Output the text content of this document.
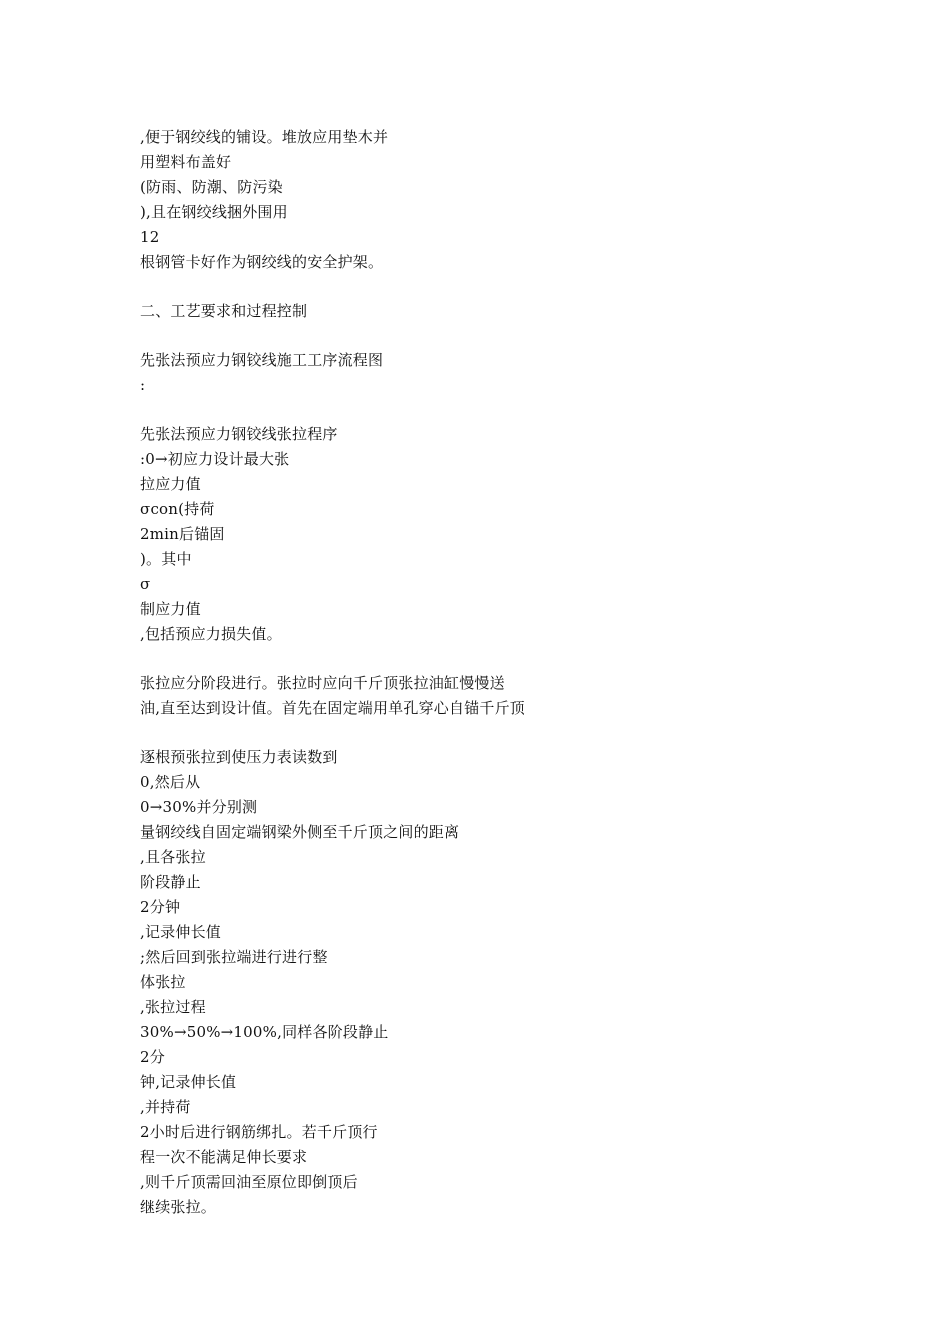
,便于钢绞线的铺设。堆放应用垫木并
用塑料布盖好
(防雨、防潮、防污染
),且在钢绞线捆外围用
12
根钢管卡好作为钢绞线的安全护架。
二、工艺要求和过程控制
先张法预应力钢铰线施工工序流程图
:
先张法预应力钢铰线张拉程序
:0→初应力设计最大张
拉应力值
σcon(持荷
2min后锚固
)。其中
σ
制应力值
,包括预应力损失值。
张拉应分阶段进行。张拉时应向千斤顶张拉油缸慢慢送
油,直至达到设计值。首先在固定端用单孔穿心自锚千斤顶
逐根预张拉到使压力表读数到
0,然后从
0→30%并分别测
量钢绞线自固定端钢梁外侧至千斤顶之间的距离
,且各张拉
阶段静止
2分钟
,记录伸长值
;然后回到张拉端进行进行整
体张拉
,张拉过程
30%→50%→100%,同样各阶段静止
2分
钟,记录伸长值
,并持荷
2小时后进行钢筋绑扎。若千斤顶行
程一次不能满足伸长要求
,则千斤顶需回油至原位即倒顶后
继续张拉。
